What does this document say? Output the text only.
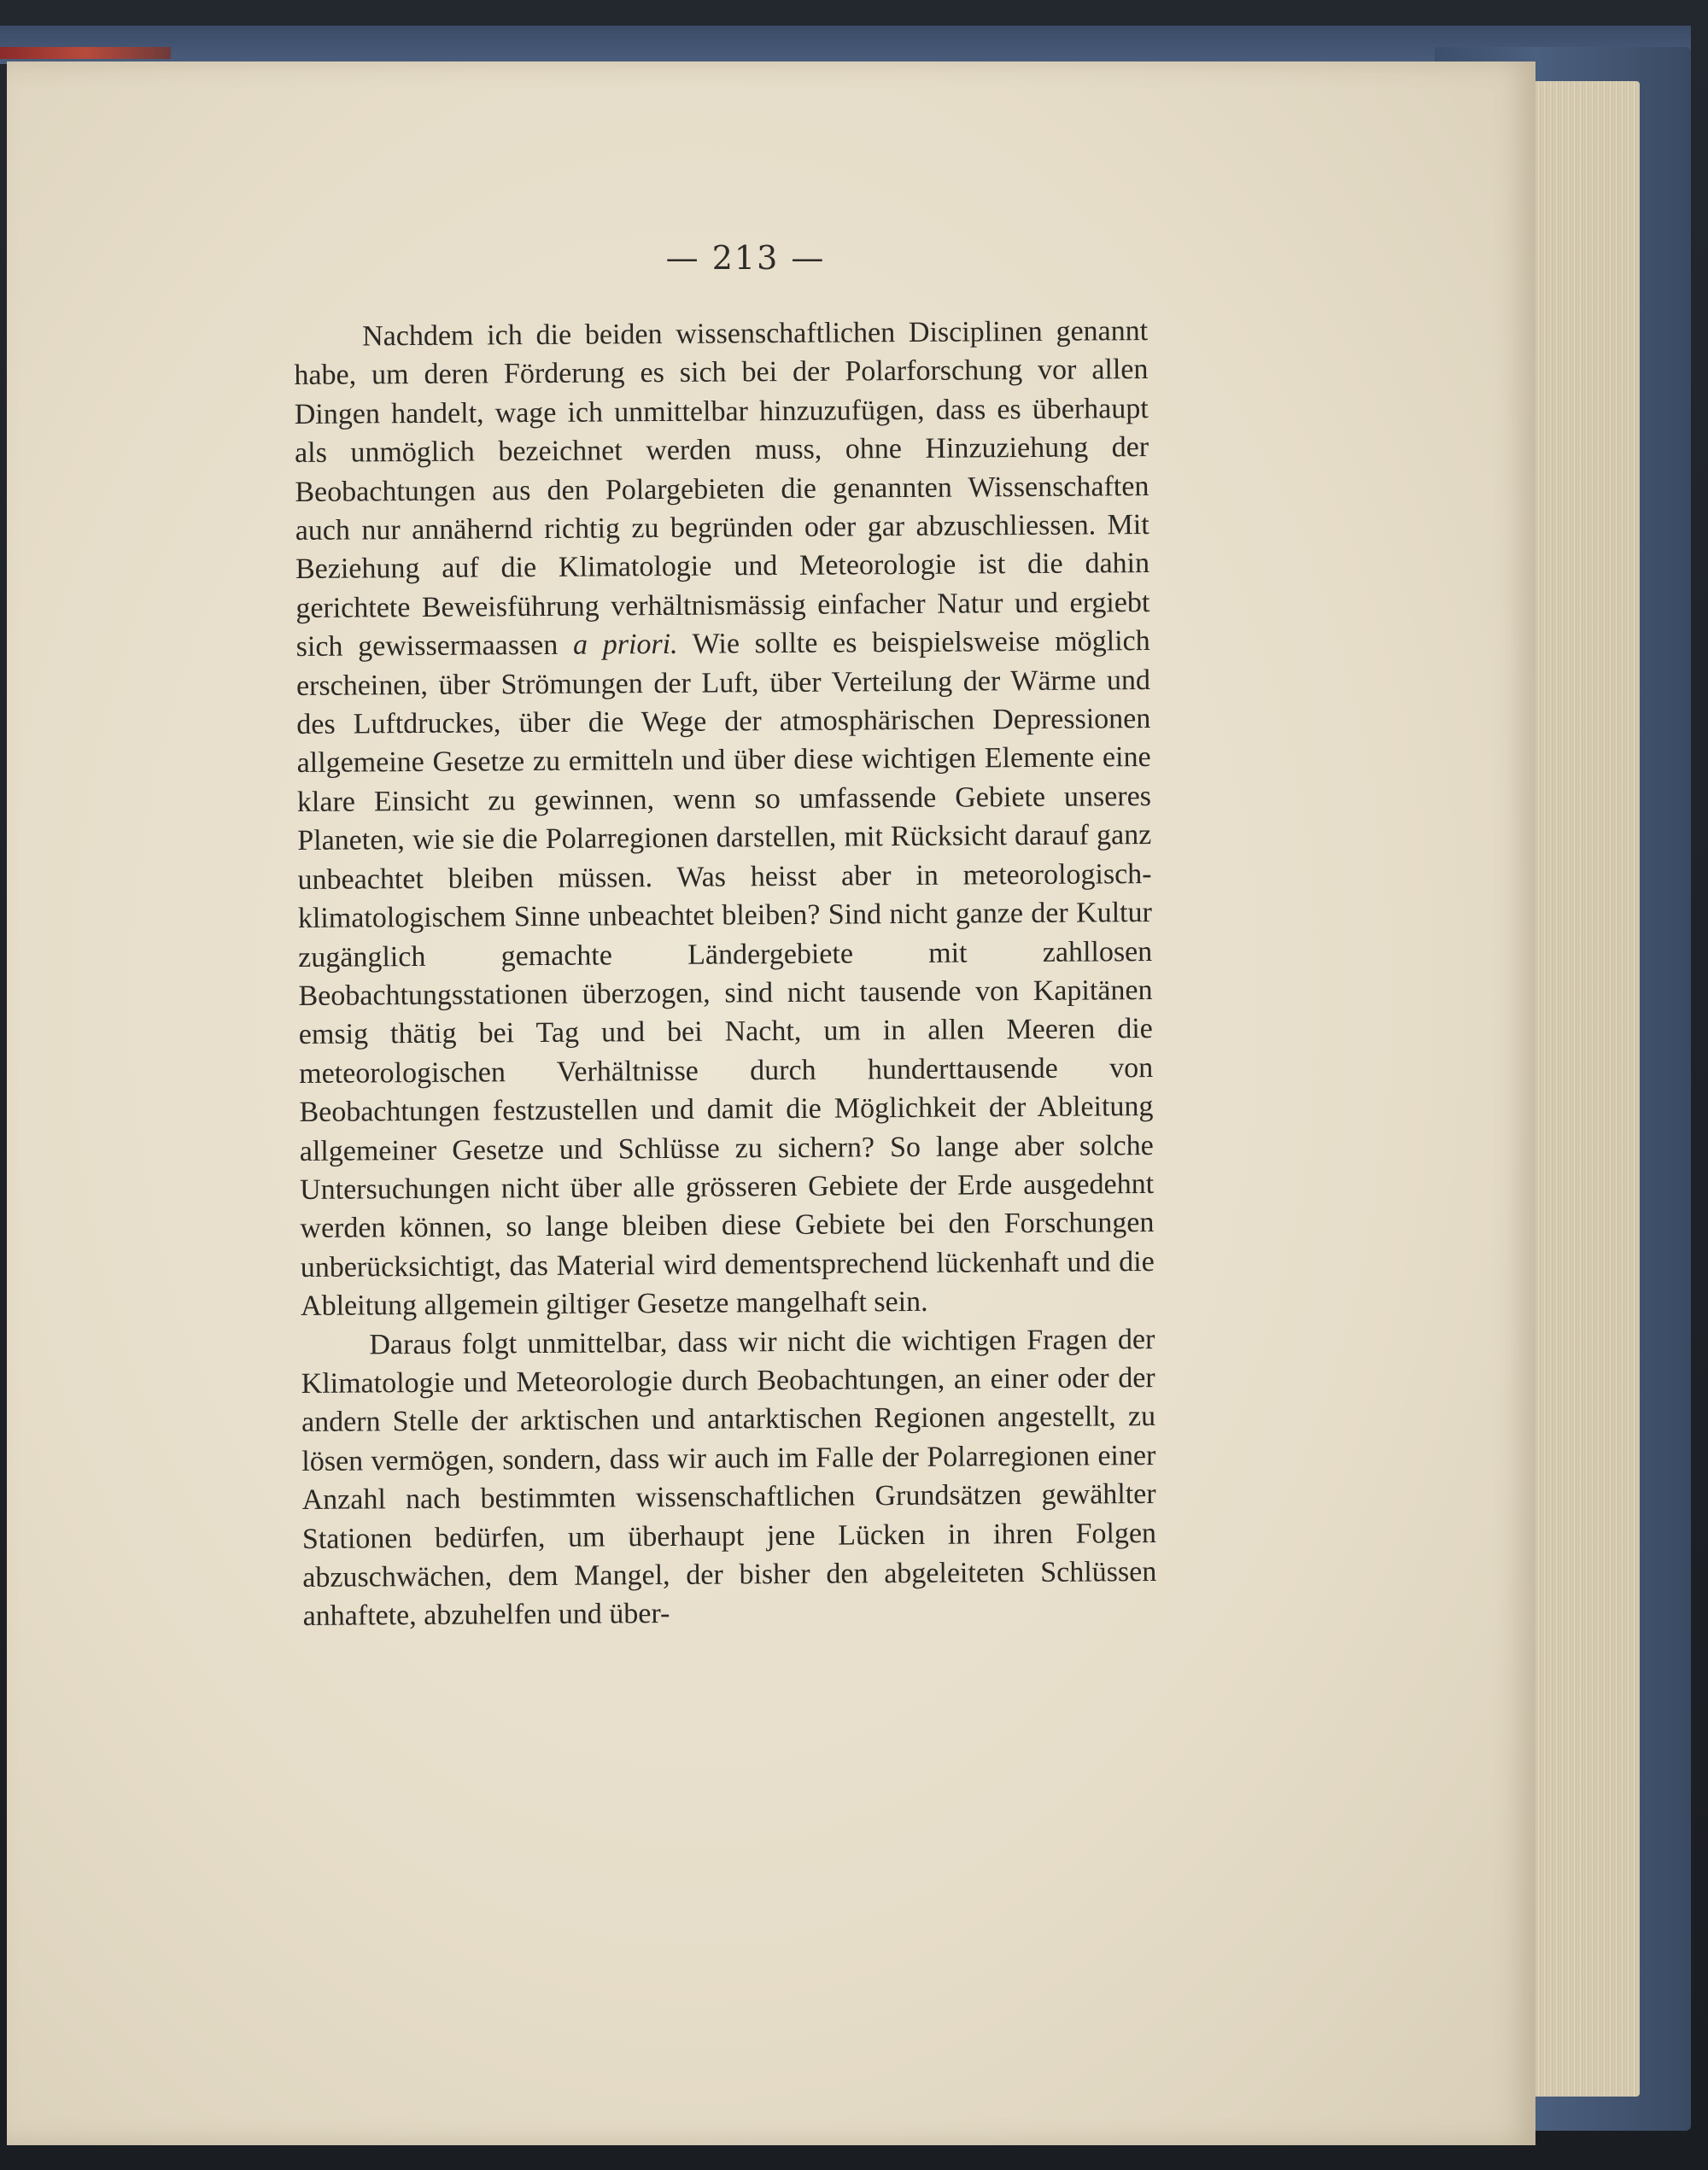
— 213 —

Nachdem ich die beiden wissenschaftlichen Disciplinen genannt habe, um deren Förderung es sich bei der Polarforschung vor allen Dingen handelt, wage ich unmittelbar hinzuzufügen, dass es überhaupt als unmöglich bezeichnet werden muss, ohne Hinzuziehung der Beobachtungen aus den Polargebieten die genannten Wissenschaften auch nur annähernd richtig zu begründen oder gar abzuschliessen. Mit Beziehung auf die Klimatologie und Meteorologie ist die dahin gerichtete Beweisführung verhältnismässig einfacher Natur und ergiebt sich gewissermaassen a priori. Wie sollte es beispielsweise möglich erscheinen, über Strömungen der Luft, über Verteilung der Wärme und des Luftdruckes, über die Wege der atmosphärischen Depressionen allgemeine Gesetze zu ermitteln und über diese wichtigen Elemente eine klare Einsicht zu gewinnen, wenn so umfassende Gebiete unseres Planeten, wie sie die Polarregionen darstellen, mit Rücksicht darauf ganz unbeachtet bleiben müssen. Was heisst aber in meteorologisch-klimatologischem Sinne unbeachtet bleiben? Sind nicht ganze der Kultur zugänglich gemachte Ländergebiete mit zahllosen Beobachtungsstationen überzogen, sind nicht tausende von Kapitänen emsig thätig bei Tag und bei Nacht, um in allen Meeren die meteorologischen Verhältnisse durch hunderttausende von Beobachtungen festzustellen und damit die Möglichkeit der Ableitung allgemeiner Gesetze und Schlüsse zu sichern? So lange aber solche Untersuchungen nicht über alle grösseren Gebiete der Erde ausgedehnt werden können, so lange bleiben diese Gebiete bei den Forschungen unberücksichtigt, das Material wird dementsprechend lückenhaft und die Ableitung allgemein giltiger Gesetze mangelhaft sein.

Daraus folgt unmittelbar, dass wir nicht die wichtigen Fragen der Klimatologie und Meteorologie durch Beobachtungen, an einer oder der andern Stelle der arktischen und antarktischen Regionen angestellt, zu lösen vermögen, sondern, dass wir auch im Falle der Polarregionen einer Anzahl nach bestimmten wissenschaftlichen Grundsätzen gewählter Stationen bedürfen, um überhaupt jene Lücken in ihren Folgen abzuschwächen, dem Mangel, der bisher den abgeleiteten Schlüssen anhaftete, abzuhelfen und über-
